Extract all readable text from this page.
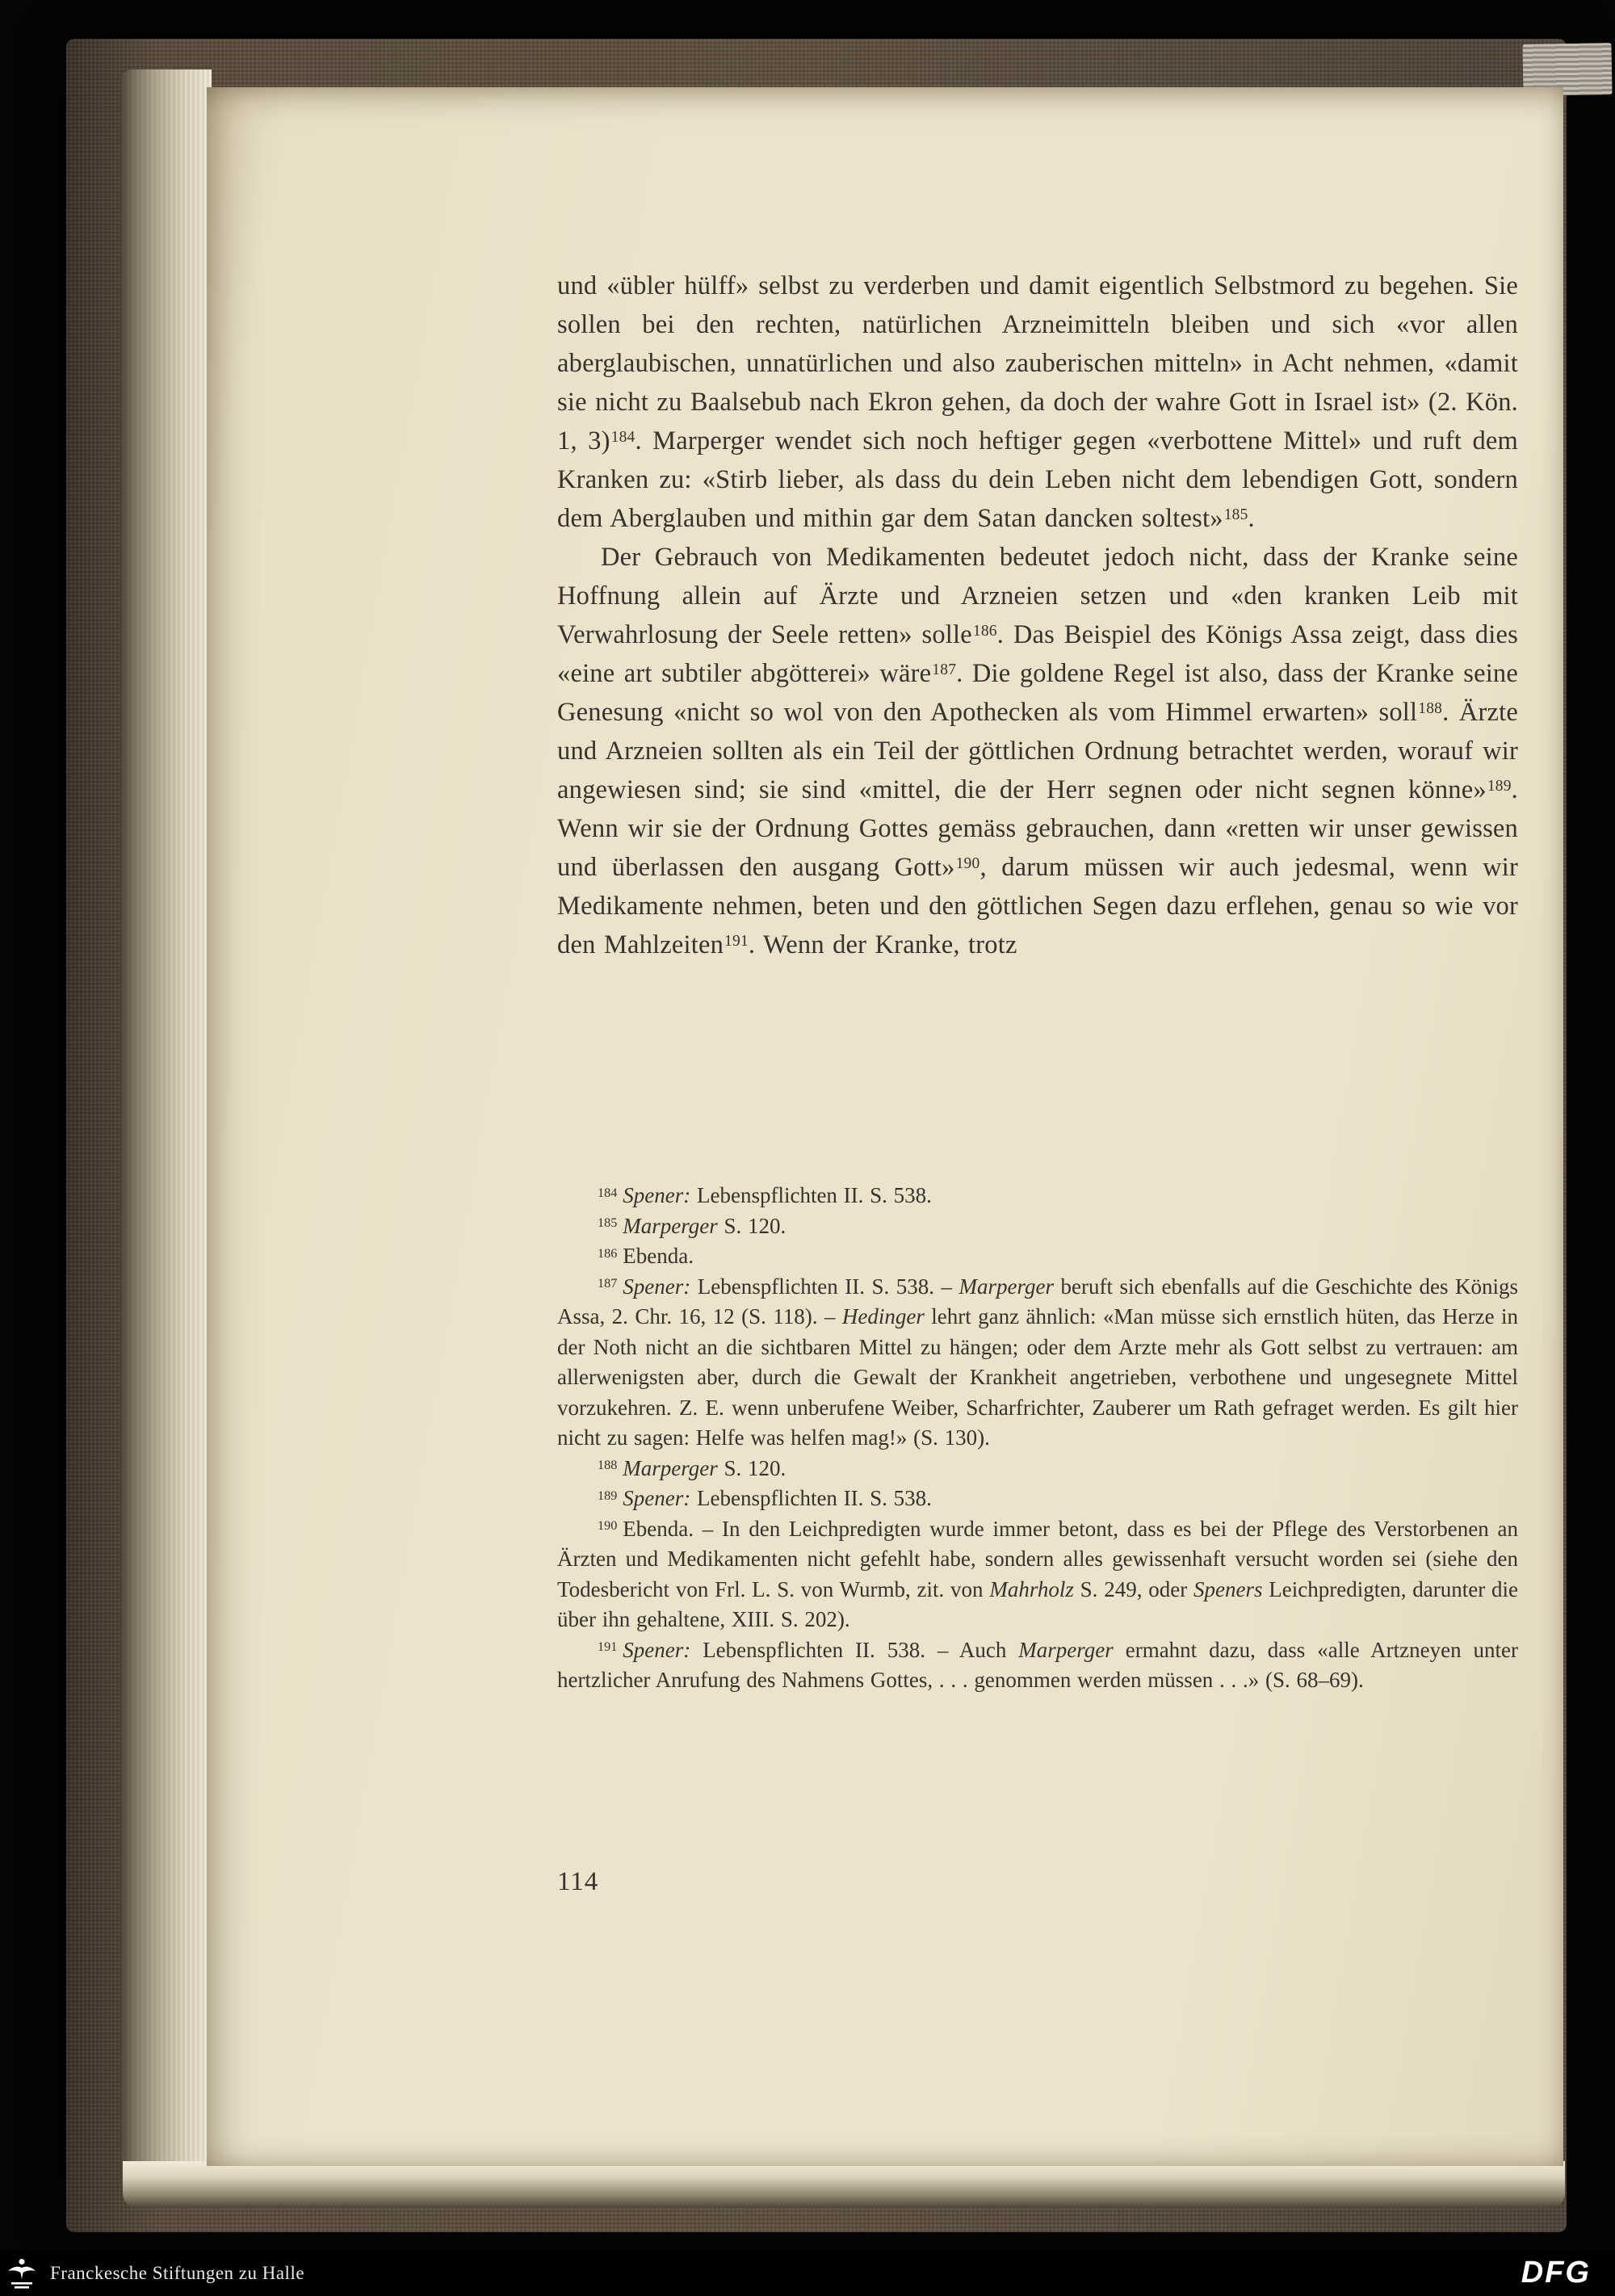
und «übler hülff» selbst zu verderben und damit eigentlich Selbstmord zu begehen. Sie sollen bei den rechten, natürlichen Arzneimitteln bleiben und sich «vor allen aberglaubischen, unnatürlichen und also zauberischen mitteln» in Acht nehmen, «damit sie nicht zu Baalsebub nach Ekron gehen, da doch der wahre Gott in Israel ist» (2. Kön. 1, 3)$^{184}$. Marperger wendet sich noch heftiger gegen «verbottene Mittel» und ruft dem Kranken zu: «Stirb lieber, als dass du dein Leben nicht dem lebendigen Gott, sondern dem Aberglauben und mithin gar dem Satan dancken soltest»$^{185}$.

Der Gebrauch von Medikamenten bedeutet jedoch nicht, dass der Kranke seine Hoffnung allein auf Ärzte und Arzneien setzen und «den kranken Leib mit Verwahrlosung der Seele retten» solle$^{186}$. Das Beispiel des Königs Assa zeigt, dass dies «eine art subtiler abgötterei» wäre$^{187}$. Die goldene Regel ist also, dass der Kranke seine Genesung «nicht so wol von den Apothecken als vom Himmel erwarten» soll$^{188}$. Ärzte und Arzneien sollten als ein Teil der göttlichen Ordnung betrachtet werden, worauf wir angewiesen sind; sie sind «mittel, die der Herr segnen oder nicht segnen könne»$^{189}$. Wenn wir sie der Ordnung Gottes gemäss gebrauchen, dann «retten wir unser gewissen und überlassen den ausgang Gott»$^{190}$, darum müssen wir auch jedesmal, wenn wir Medikamente nehmen, beten und den göttlichen Segen dazu erflehen, genau so wie vor den Mahlzeiten$^{191}$. Wenn der Kranke, trotz

$^{184}$ Spener: Lebenspflichten II. S. 538.

$^{185}$ Marperger S. 120.

$^{186}$ Ebenda.

$^{187}$ Spener: Lebenspflichten II. S. 538. – Marperger beruft sich ebenfalls auf die Geschichte des Königs Assa, 2. Chr. 16, 12 (S. 118). – Hedinger lehrt ganz ähnlich: «Man müsse sich ernstlich hüten, das Herze in der Noth nicht an die sichtbaren Mittel zu hängen; oder dem Arzte mehr als Gott selbst zu vertrauen: am allerwenigsten aber, durch die Gewalt der Krankheit angetrieben, verbothene und ungesegnete Mittel vorzukehren. Z. E. wenn unberufene Weiber, Scharfrichter, Zauberer um Rath gefraget werden. Es gilt hier nicht zu sagen: Helfe was helfen mag!» (S. 130).

$^{188}$ Marperger S. 120.

$^{189}$ Spener: Lebenspflichten II. S. 538.

$^{190}$ Ebenda. – In den Leichpredigten wurde immer betont, dass es bei der Pflege des Verstorbenen an Ärzten und Medikamenten nicht gefehlt habe, sondern alles gewissenhaft versucht worden sei (siehe den Todesbericht von Frl. L. S. von Wurmb, zit. von Mahrholz S. 249, oder Speners Leichpredigten, darunter die über ihn gehaltene, XIII. S. 202).

$^{191}$ Spener: Lebenspflichten II. 538. – Auch Marperger ermahnt dazu, dass «alle Artzneyen unter hertzlicher Anrufung des Nahmens Gottes, . . . genommen werden müssen . . .» (S. 68–69).

114
Franckesche Stiftungen zu Halle	DFG
